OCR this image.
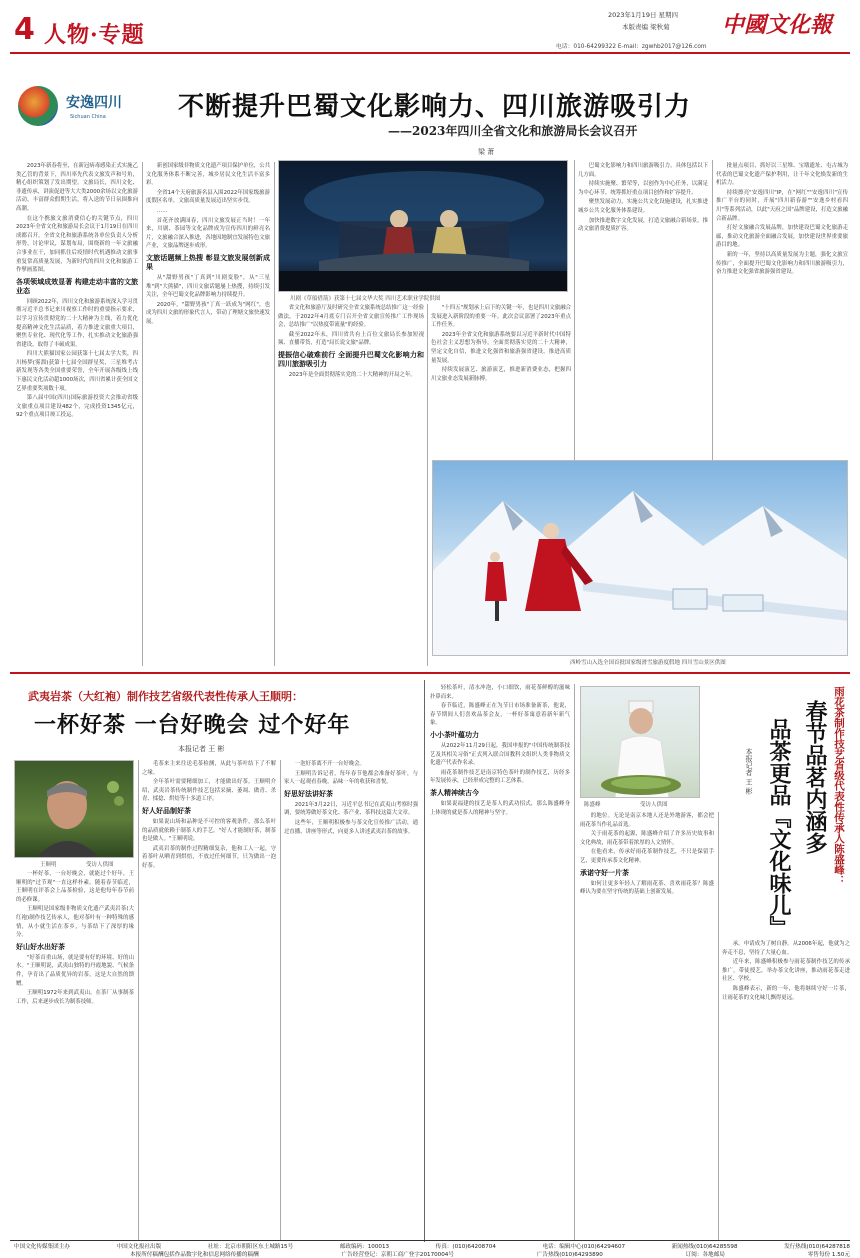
4 人物·专题
2023年1月19日 星期四
本版责编 梁秋菊 中國文化報
电话：010-64299322 E-mail：zgwhb2017@126.com
安逸四川
Sichuan China	不断提升巴蜀文化影响力、四川旅游吸引力
——2023年四川全省文化和旅游局长会议召开
梁 萧

2023年新春将至，在新冠病毒感染正式实施乙类乙管的背景下，四川率先代表文旅发声和号角，精心组织策划了发出期望。文旅局长，四川文化、非遗传承，讲演促进等大大类2000余场以文化旅游活动，丰富群众假期生活，将入送的节日氛围推向高潮。

在这个携旅文旅消费信心的关键节点，四川2023年全省文化和旅游局长会议于1月19日在四川成都召开。全省文化和旅游系统各单位负责人分析形势，讨论审议，谋划布局，围绕新的一年文旅融合事业在干，加同抓住后疫情时代机遇推动文旅事重复常高质量发展，为新时代的四川文化和旅游工作擘画蓝图。

各项领域成效显著 构建走动丰富的文旅业态

回顾2022年，四川文化和旅游系统深入学习贯彻习近平总书记来川视察工作时的重要指示要求，以学习宣传贯彻党的二十大精神为主线，着力优化提高精神文化生活品质，着力推进文旅重大项目，聚焦专业化、现代化等工作，扎实推动文化旅游强省建设，取得了丰硕成果。

四川大熊猫国家公园获第十七届太学大奖，四川杨梦(雾溜)获第十七届全国群星奖，三星堆考古新发现等各类全国重要荣誉，全年开展各级线上线下惠民文化活动超1000场次，四川省累计获全国文艺界重要奖项数十项。

第八届中国(四川)国际旅游投资大会推动省级文旅重点项目建设482个，完成投资1345亿元，92个重点项目竣工投运。

新创国家级非物质文化遗产项目保护单位，公共文化服务体系不断完善，城乡居民文化生活丰富多彩。

全省14个天府旅游名县入围2022年国家级旅游度假区名单，文旅高质量发展迈出坚实步伐。

……

首花齐放满园春，四川文旅发展正当时！一年来，川剧、茶园等文化品牌成为宣传四川的鲜亮名片，文旅融合深入推进，各地因地制宜发展特色文旅产业，文旅品牌逐步成形。

文旅话题频上热搜 彰显文旅发展创新成果

从"甜野男孩"丁真到"川剧变脸"，从"三星堆"到"大熊猫"，四川文旅话题屡上热搜，持续引发关注，全年巴蜀文化品牌影响力持续提升。

2020年，"甜野男孩"丁真一跃成为"网红"，也成为四川文旅的形象代言人，带动了理塘文旅快速发展。

川剧《草船借箭》获第十七届文华大奖 四川艺术职业学院供图

省文化和旅游厅及时研究全省文旅系统总结推广这一经验做法，于2022年4月底专门召开全省文旅宣传推广工作现场会，总结推广"以热度带流量"的经验。

截至2022年末，四川省共有上百位文旅局长参加短视频、直播带货，打造"局长说文旅"品牌。

提振信心破难前行 全面提升巴蜀文化影响力和四川旅游吸引力

2023年是全面贯彻落实党的二十大精神的开局之年。

"十四五"规划承上启下的关键一年，也是四川文旅融合发展进入新阶段的重要一年。此次会议部署了2023年重点工作任务。

2023年全省文化和旅游系统要以习近平新时代中国特色社会主义思想为指导，全面贯彻落实党的二十大精神，坚定文化自信，推进文化强省和旅游强省建设，推进高质量发展。

持续发展演艺、旅游演艺，推进新消费业态，把握四川文旅业态发展新脉搏。

巴蜀文化影响力和四川旅游吸引力，具体包括以下几方面。

持续实施聚、繁荣等，以创作为中心任务，以满足为中心环节，统筹抓好重点项目创作和扩容提升。

聚焦发展动力，实施公共文化设施建设，扎实推进城乡公共文化服务体系建设。

加快推进数字文化发展，打造文旅融合新场景，推动文旅消费提质扩容。

批量点项目，抓好以三星堆、宝墩遗址、屯古城为代表的巴蜀文化遗产保护利用，让千年文化焕发新的生机活力。

持续擦亮"安逸四川"IP，在"网红""安逸四川"宣传推广平台的同时，开展"四川新春游""安逸乡村看四川"等系列活动，以此"天府之国"品牌建设，打造文旅融合新品牌。

打好文旅融合发展品牌，加快建设巴蜀文化旅游走廊，推动文化旅游全面融合发展，加快建设世界重要旅游目的地。

新的一年，坚持以高质量发展为主题，强化文旅宣传推广，全面提升巴蜀文化影响力和四川旅游吸引力，奋力推进文化强省旅游强省建设。

西岭雪山入选全国首批国家级滑雪旅游度假地 四川雪山景区供图
武夷岩茶（大红袍）制作技艺省级代表性传承人王顺明：
一杯好茶 一台好晚会 过个好年
本报记者 王 彬
王顺明	受访人供图

一杯好茶，一台好晚会，就能过个好年，王顺明的"过节观"一直这样朴素。随着春节临近，王顺明在评茶会上品茶检验，这是他每年春节前的必修课。

王顺明是国家级非物质文化遗产武夷岩茶(大红袍)制作技艺传承人，他对茶叶有一种特殊的感情，从小就生活在茶乡，与茶结下了深厚的缘分。

好山好水出好茶

"好茶首重山场，就是要有好的环境、好的山水。"王顺明说，武夷山独特的丹霞地貌、气候条件，孕育出了品质优异的岩茶，这是大自然的馈赠。

王顺明1972年来到武夷山，在茶厂从事制茶工作，后来逐步成长为制茶技师。

毛茶来主来往送毛茶检测，从此与茶叶结下了不解之缘。

全年茶叶需要精细加工，才能做出好茶。王顺明介绍，武夷岩茶传统制作技艺包括采摘、萎凋、做青、杀青、揉捻、烘焙等十多道工序。

好人好品制好茶

如果说山场和品种是不可控的客观条件，那么茶叶的品质就依赖于制茶人的手艺。"好人才能制好茶，制茶也是做人。"王顺明说。

武夷岩茶的制作过程精细复杂，他和工人一起，守着茶叶从晒青到烘焙，不放过任何细节，只为做出一泡好茶。

一泡好茶离不开一台好晚会。

王顺明告诉记者，每年春节他都会准备好茶叶，与家人一起观看春晚，品味一年的收获和喜悦。

好思好法讲好茶

2021年3月22日，习近平总书记在武夷山考察时强调，要统筹做好茶文化、茶产业、茶科技这篇大文章。

这些年，王顺明积极参与茶文化宣传推广活动，通过直播、讲座等形式，向更多人讲述武夷岩茶的故事。

轻松茶叶，清水冲泡，小口细饮，雨花茶鲜醇的滋味扑鼻而来。

春节临近，陈盛峰正在为节日市场准备新茶，他说，春节期间人们喜欢品茶会友，一杯好茶寓意着新年新气象。

小小茶叶蕴功力

从2022年11月29日起，我国申报的"中国传统制茶技艺及其相关习俗"正式列入联合国教科文组织人类非物质文化遗产代表作名录。

雨花茶制作技艺是南京特色茶叶的制作技艺，历经多年发展传承，已经形成完整的工艺体系。

茶人精神续古今

如果说福建的技艺是茶人的武功招式，那么陈盛峰身上体现的就是茶人的精神与坚守。

陈盛峰	受访人供图	雨花茶制作技艺省级代表性传承人陈盛峰：
春节品茗内涵多
品茶更品『文化味儿』
本报记者 王 彬

的地位。无论是南京本地人还是外地游客，都会把雨花茶当作礼品首选。

关于雨花茶的起源，陈盛峰介绍了许多历史故事和文化典故，雨花茶带着浓厚的人文情怀。

在他看来，传承好雨花茶制作技艺，不只是保留手艺，更要传承茶文化精神。

承诺守好一片茶

如何让更多年轻人了解雨花茶、喜欢雨花茶？陈盛峰认为要在坚守传统的基础上创新发展。

承。申请成为了树自静。从2006年起，他就为之奔走不息，坚持了大量心血。

近年来，陈盛峰积极参与雨花茶制作技艺的传承推广，带徒授艺，举办茶文化讲座，推动雨花茶走进社区、学校。

陈盛峰表示，新的一年，他将继续守好一片茶，让雨花茶的文化味儿飘得更远。

中国文化传媒集团主办	中国文化报社出版	社址：北京市朝阳区东土城路15号	邮政编码：100013	传真：(010)64208704	电话：编辑中心(010)64294607	新闻热线(010)64285598	发行热线(010)64287818
本报所付稿酬包括作品数字化和信息网络传播的稿酬	广告经营登记：京朝工商广登字20170004号	广告热线(010)64293890	订阅：各地邮局	零售每份 1.50元
